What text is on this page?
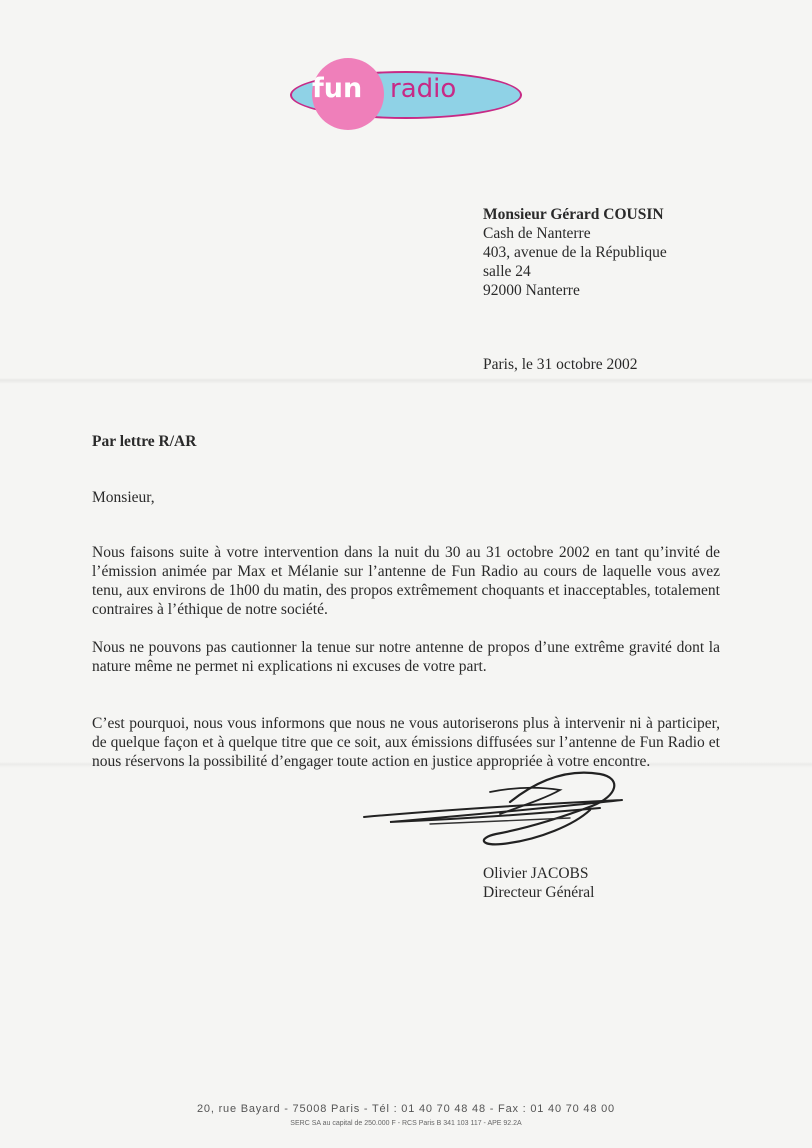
fun radio
Monsieur Gérard COUSIN
Cash de Nanterre
403, avenue de la République
salle 24
92000 Nanterre
Paris, le 31 octobre 2002
Par lettre R/AR
Monsieur,

Nous faisons suite à votre intervention dans la nuit du 30 au 31 octobre 2002 en tant qu’invité de l’émission animée par Max et Mélanie sur l’antenne de Fun Radio au cours de laquelle vous avez tenu, aux environs de 1h00 du matin, des propos extrêmement choquants et inacceptables, totalement contraires à l’éthique de notre société.

Nous ne pouvons pas cautionner la tenue sur notre antenne de propos d’une extrême gravité dont la nature même ne permet ni explications ni excuses de votre part.

C’est pourquoi, nous vous informons que nous ne vous autoriserons plus à intervenir ni à participer, de quelque façon et à quelque titre que ce soit, aux émissions diffusées sur l’antenne de Fun Radio et nous réservons la possibilité d’engager toute action en justice appropriée à votre encontre.

Olivier JACOBS
Directeur Général
20, rue Bayard - 75008 Paris - Tél : 01 40 70 48 48 - Fax : 01 40 70 48 00
SERC SA au capital de 250.000 F - RCS Paris B 341 103 117 - APE 92.2A
